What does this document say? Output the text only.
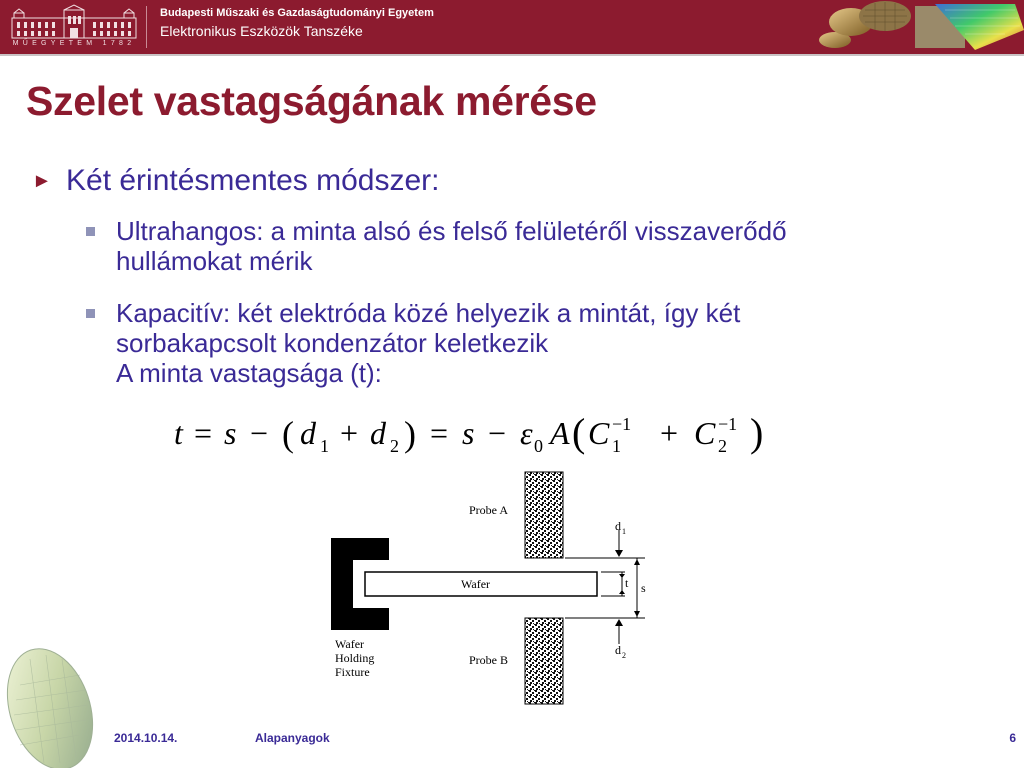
MŰEGYETEM 1782
Budapesti Műszaki és Gazdaságtudományi Egyetem
Elektronikus Eszközök Tanszéke
Szelet vastagságának mérése
► Két érintésmentes módszer:
Ultrahangos: a minta alsó és felső felületéről visszaverődő
hullámokat mérik
Kapacitív: két elektróda közé helyezik a mintát, így két
sorbakapcsolt kondenzátor keletkezik
A minta vastagsága (t):
t = s − ( d 1 + d 2 ) = s − ε 0 A ( C 1
−1 + C 2
−1 )
Probe A
Probe B
Wafer
Wafer
Holding
Fixture
d 1
d 2
t s
2014.10.14.	Alapanyagok	6
